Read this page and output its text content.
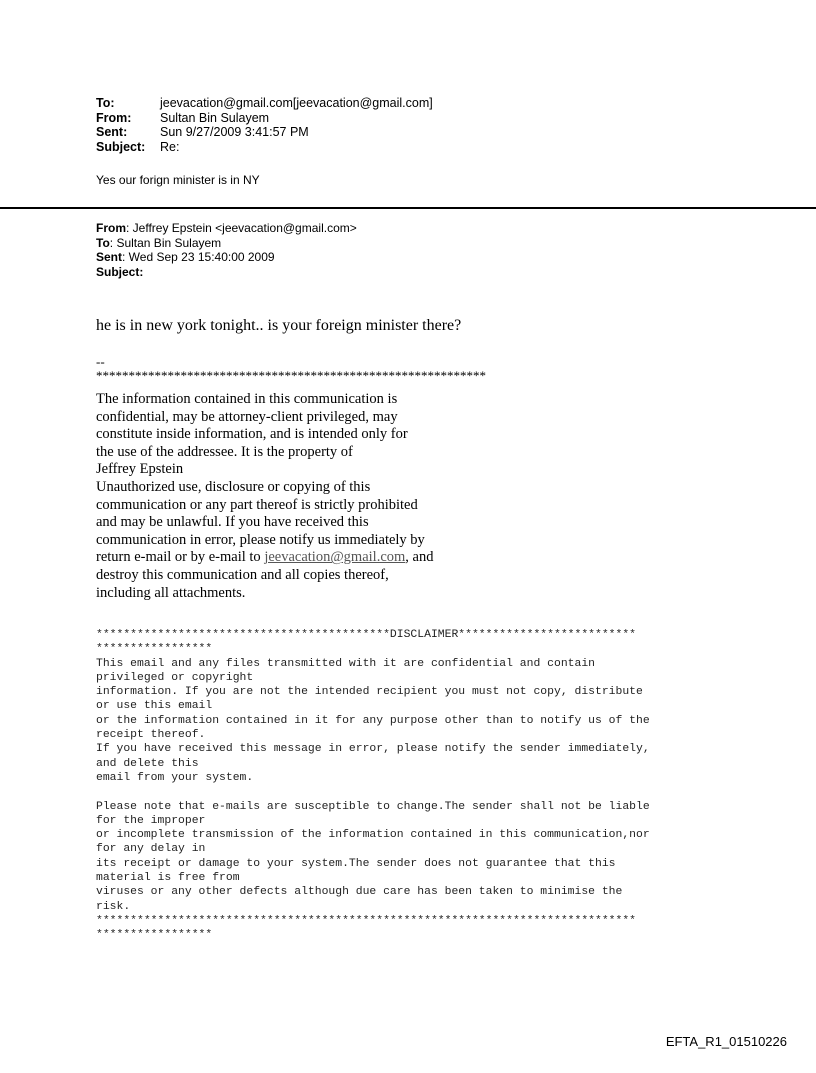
To:	jeevacation@gmail.com[jeevacation@gmail.com]
From:	Sultan Bin Sulayem
Sent:	Sun 9/27/2009 3:41:57 PM
Subject:	Re:
Yes our forign minister is in NY
From: Jeffrey Epstein <jeevacation@gmail.com>
To: Sultan Bin Sulayem
Sent: Wed Sep 23 15:40:00 2009
Subject:
he is in new york tonight.. is your foreign minister there?
--
************************************************************
The information contained in this communication is
confidential, may be attorney-client privileged, may
constitute inside information, and is intended only for
the use of the addressee. It is the property of
Jeffrey Epstein
Unauthorized use, disclosure or copying of this
communication or any part thereof is strictly prohibited
and may be unlawful. If you have received this
communication in error, please notify us immediately by
return e-mail or by e-mail to jeevacation@gmail.com, and
destroy this communication and all copies thereof,
including all attachments.
*******************************************DISCLAIMER**************************
*****************
This email and any files transmitted with it are confidential and contain
privileged or copyright
information. If you are not the intended recipient you must not copy, distribute
or use this email
or the information contained in it for any purpose other than to notify us of the
receipt thereof.
If you have received this message in error, please notify the sender immediately,
and delete this
email from your system.

Please note that e-mails are susceptible to change.The sender shall not be liable
for the improper
or incomplete transmission of the information contained in this communication,nor
for any delay in
its receipt or damage to your system.The sender does not guarantee that this
material is free from
viruses or any other defects although due care has been taken to minimise the
risk.
*******************************************************************************
*****************
EFTA_R1_01510226
